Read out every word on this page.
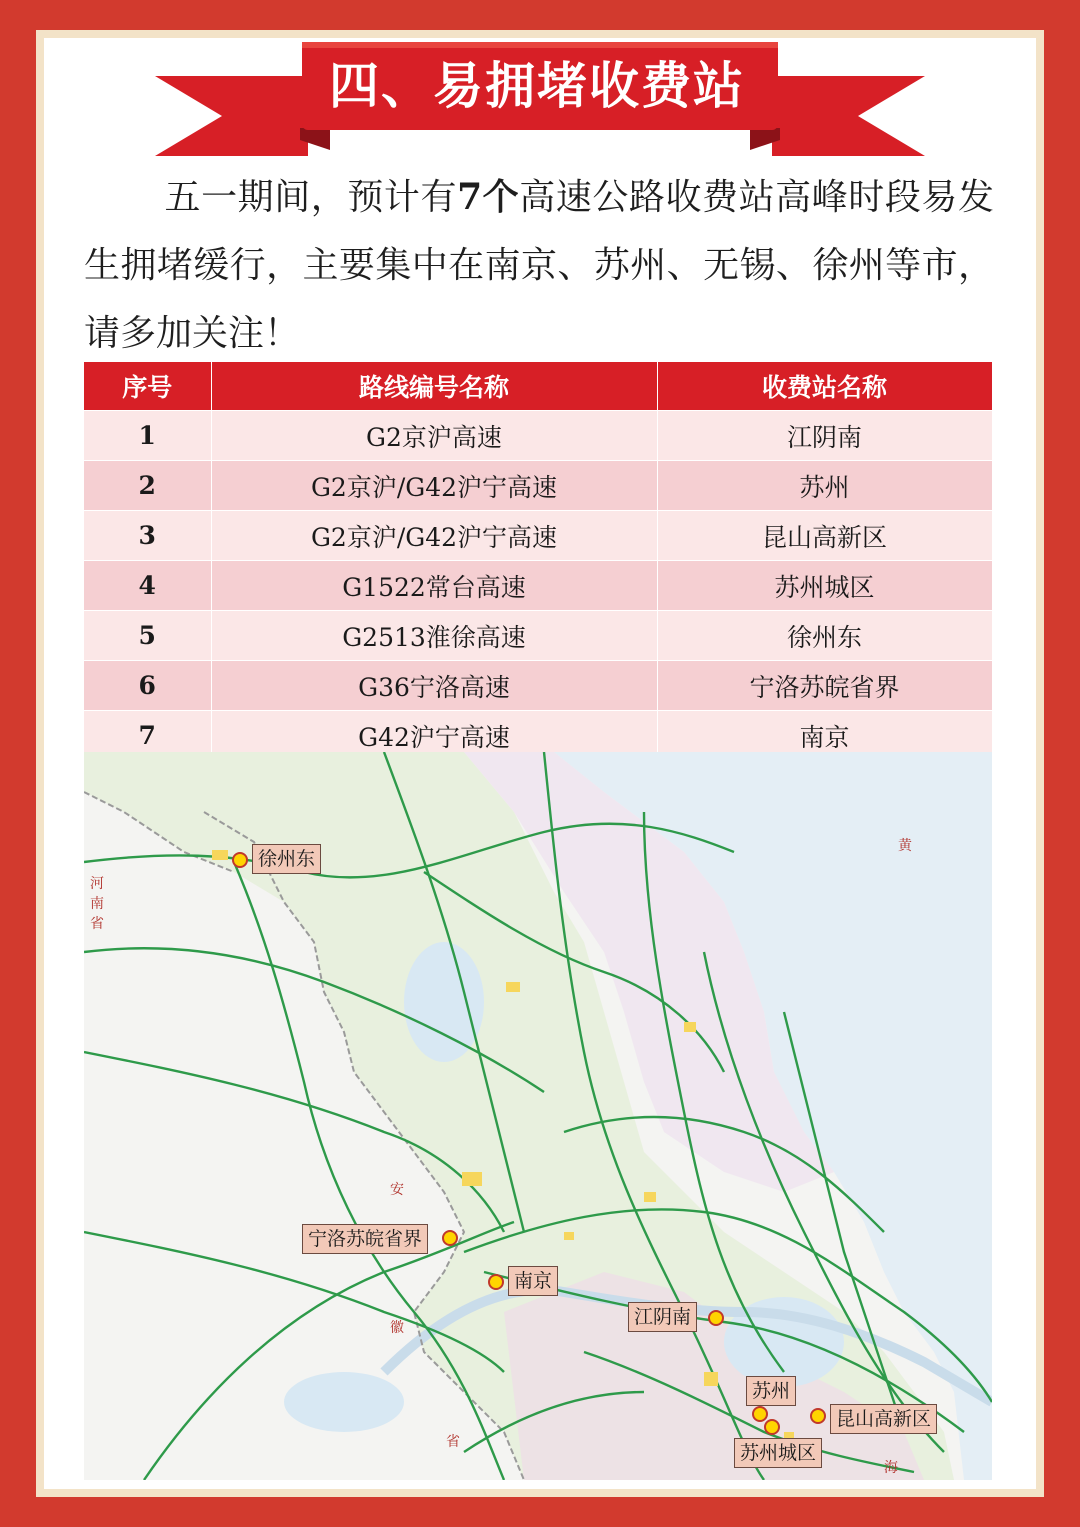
四、易拥堵收费站
五一期间，预计有7个高速公路收费站高峰时段易发生拥堵缓行，主要集中在南京、苏州、无锡、徐州等市，请多加关注！
序号	路线编号名称	收费站名称
1	G2京沪高速	江阴南
2	G2京沪/G42沪宁高速	苏州
3	G2京沪/G42沪宁高速	昆山高新区
4	G1522常台高速	苏州城区
5	G2513淮徐高速	徐州东
6	G36宁洛高速	宁洛苏皖省界
7	G42沪宁高速	南京
河南省
黄
安
徽
省
海
徐州东
宁洛苏皖省界
南京
江阴南
苏州
昆山高新区
苏州城区
